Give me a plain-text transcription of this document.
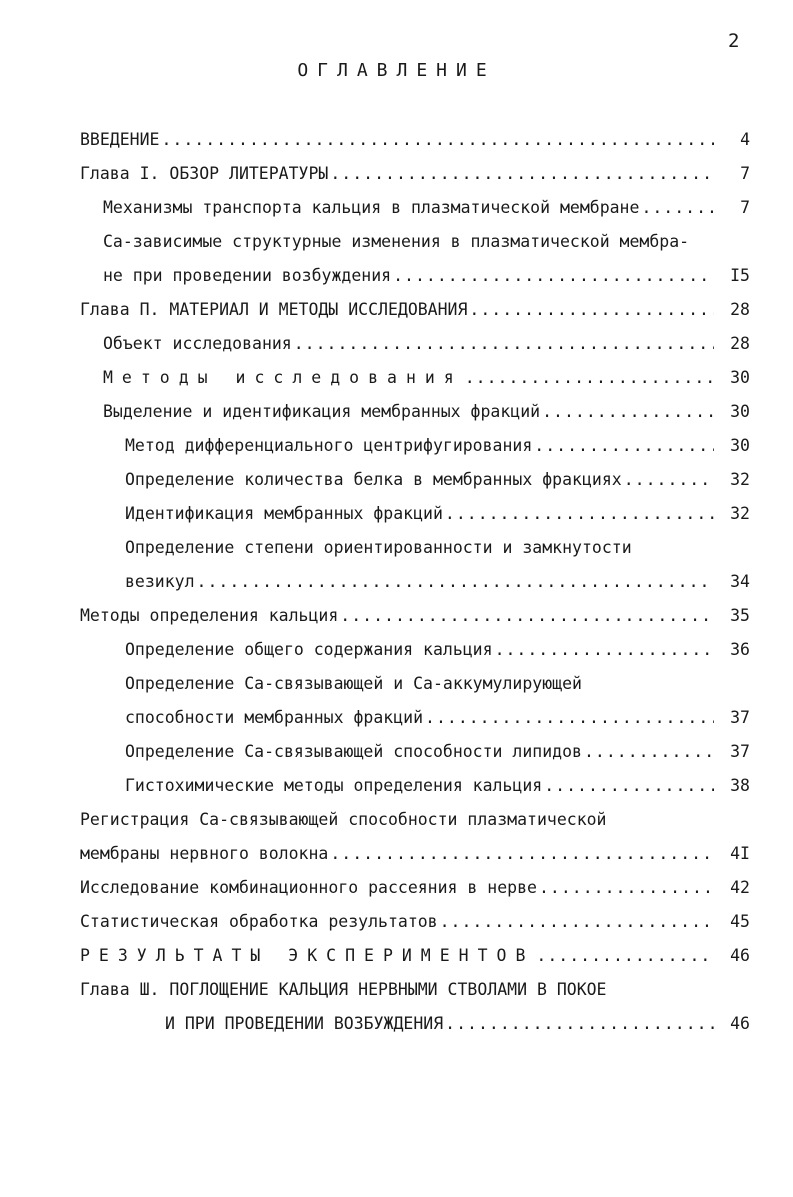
2
ОГЛАВЛЕНИЕ
ВВЕДЕНИЕ .....	4
Глава I. ОБЗОР ЛИТЕРАТУРЫ .....	7
Механизмы транспорта кальция в плазматической мембране .....	7
Са-зависимые структурные изменения в плазматической мембра-
не при проведении возбуждения .....	I5
Глава П. МАТЕРИАЛ И МЕТОДЫ ИССЛЕДОВАНИЯ .....	28
Объект исследования .....	28
Методы исследования .....	30
Выделение и идентификация мембранных фракций .....	30
Метод дифференциального центрифугирования .....	30
Определение количества белка в мембранных фракциях .....	32
Идентификация мембранных фракций .....	32
Определение степени ориентированности и замкнутости
везикул .....	34
Методы определения кальция .....	35
Определение общего содержания кальция .....	36
Определение Са-связывающей и Са-аккумулирующей
способности мембранных фракций .....	37
Определение Са-связывающей способности липидов .....	37
Гистохимические методы определения кальция .....	38
Регистрация Са-связывающей способности плазматической
мембраны нервного волокна .....	4I
Исследование комбинационного рассеяния в нерве .....	42
Статистическая обработка результатов .....	45
РЕЗУЛЬТАТЫ ЭКСПЕРИМЕНТОВ .....	46
Глава Ш. ПОГЛОЩЕНИЕ КАЛЬЦИЯ НЕРВНЫМИ СТВОЛАМИ В ПОКОЕ
И ПРИ ПРОВЕДЕНИИ ВОЗБУЖДЕНИЯ .....	46
